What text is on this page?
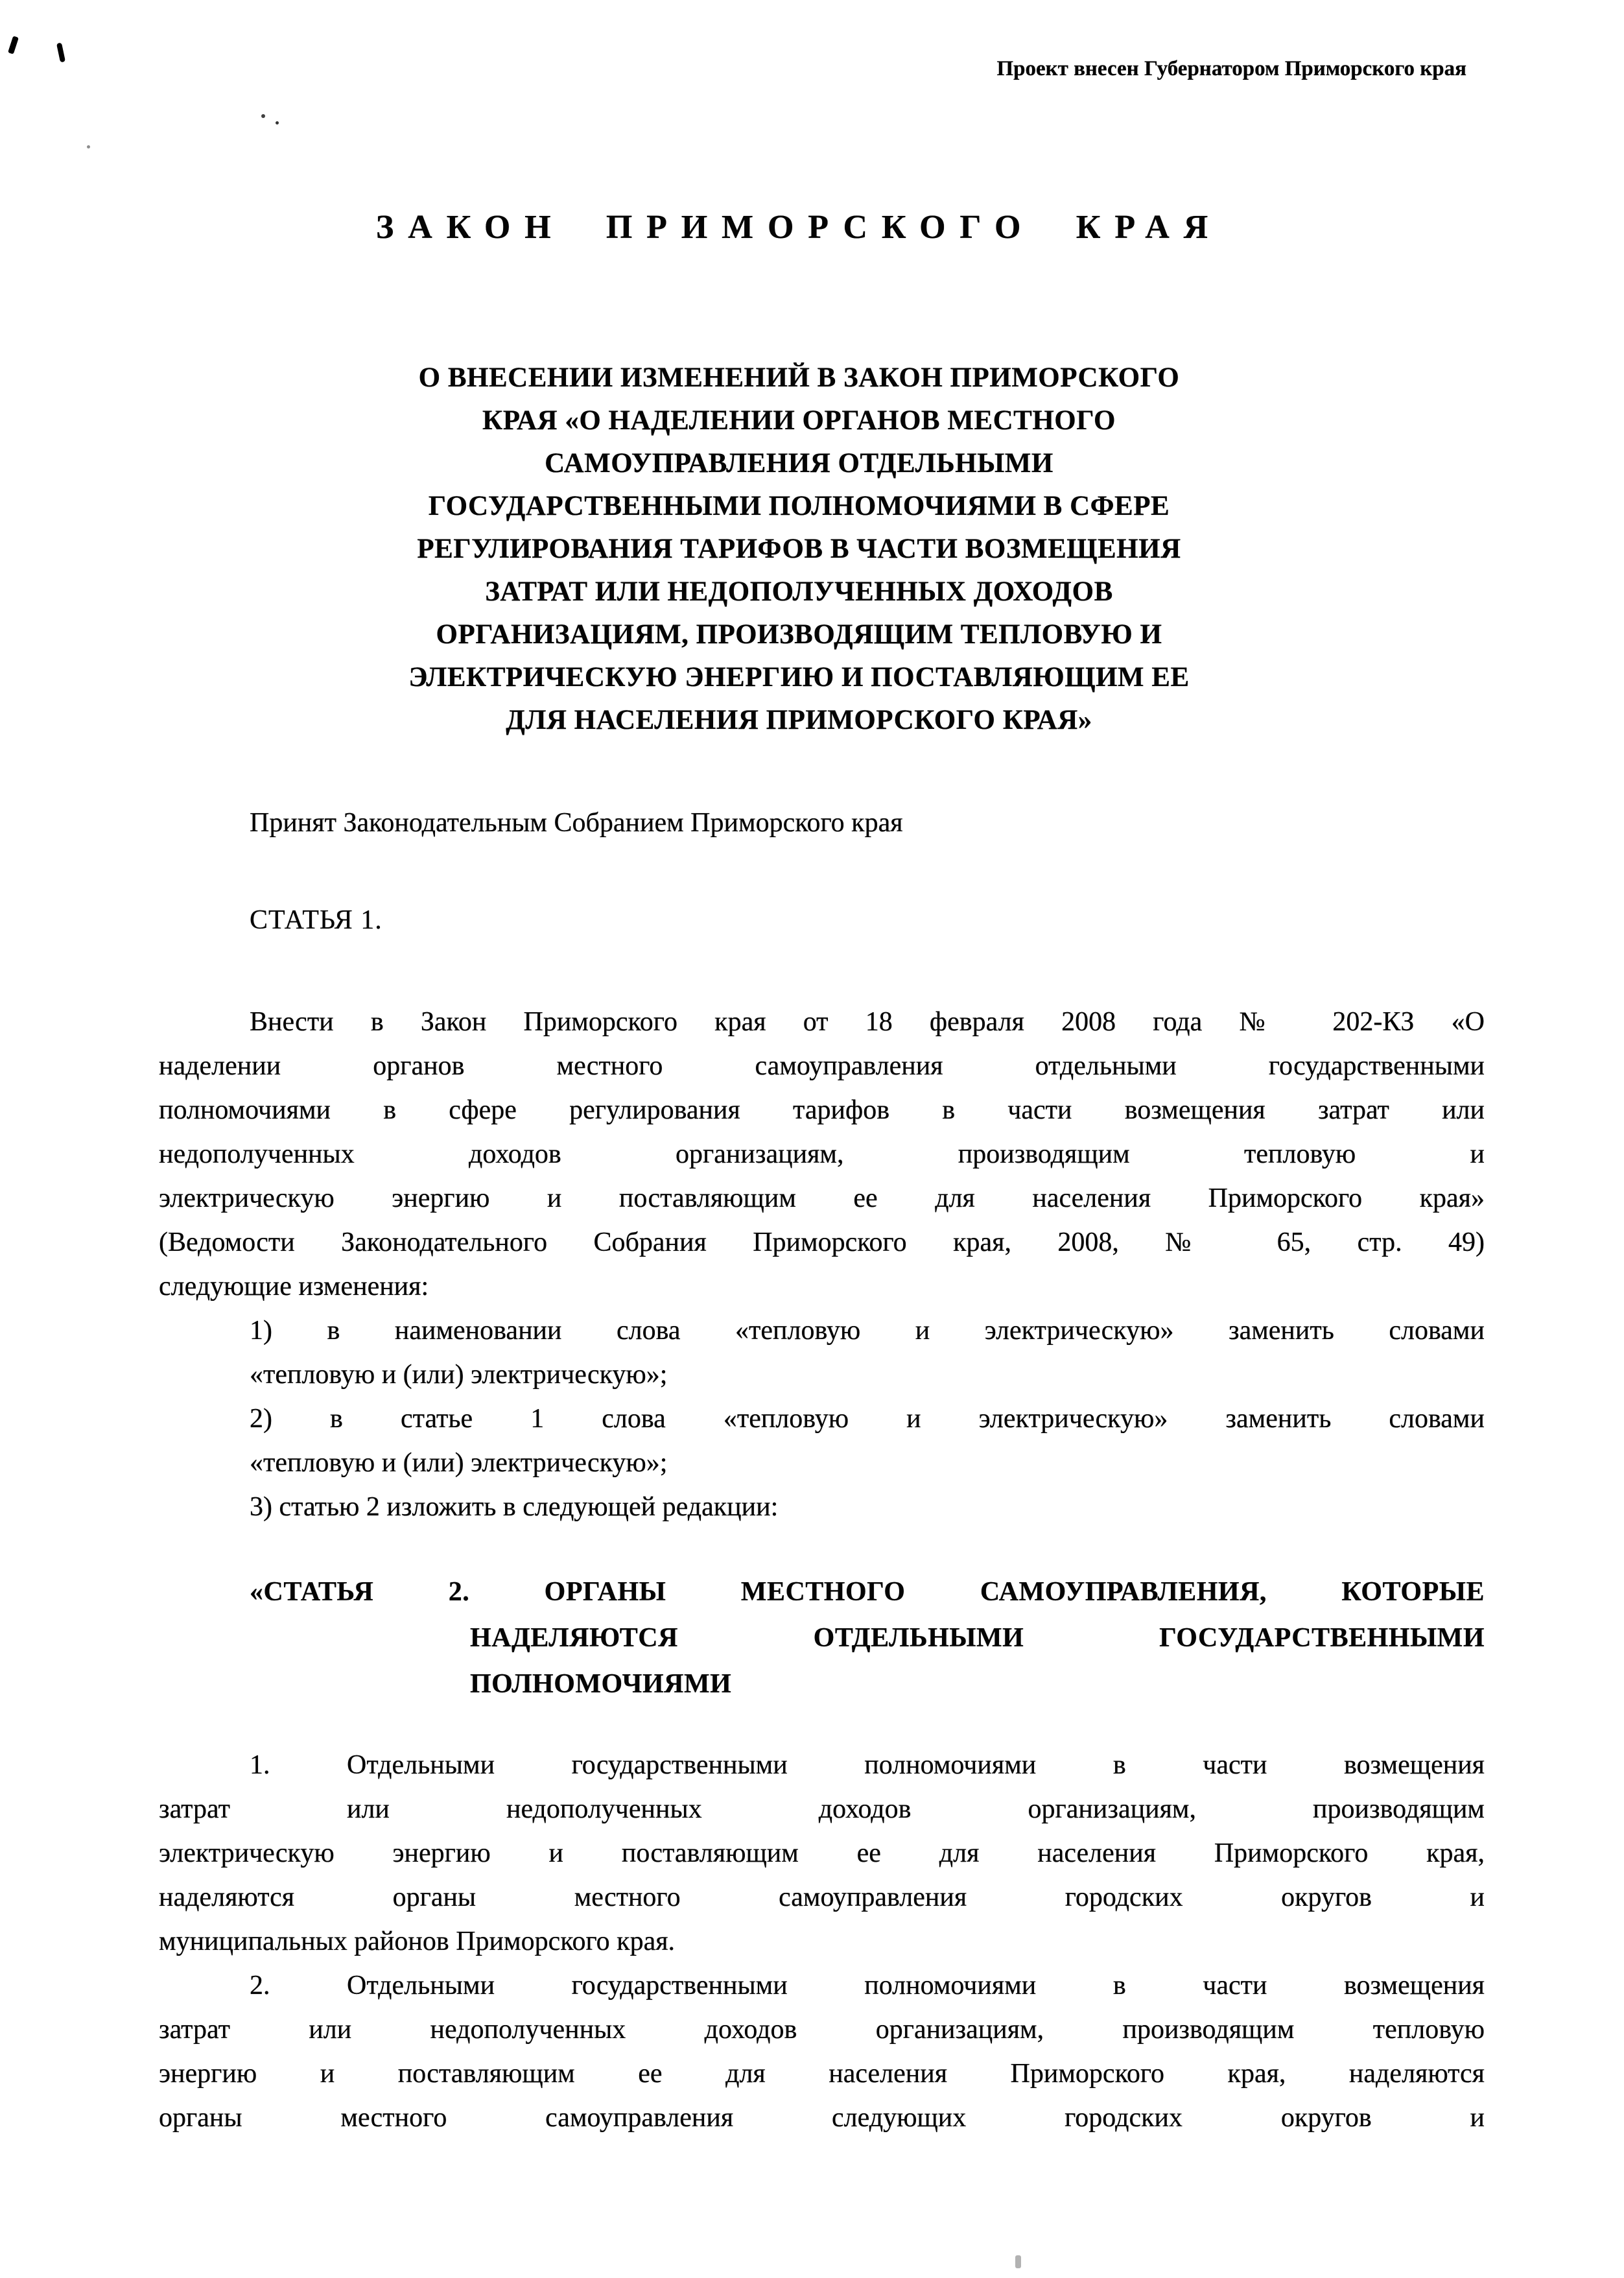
Проект внесен Губернатором Приморского края
ЗАКОН ПРИМОРСКОГО КРАЯ
О ВНЕСЕНИИ ИЗМЕНЕНИЙ В ЗАКОН ПРИМОРСКОГО
КРАЯ «О НАДЕЛЕНИИ ОРГАНОВ МЕСТНОГО
САМОУПРАВЛЕНИЯ ОТДЕЛЬНЫМИ
ГОСУДАРСТВЕННЫМИ ПОЛНОМОЧИЯМИ В СФЕРЕ
РЕГУЛИРОВАНИЯ ТАРИФОВ В ЧАСТИ ВОЗМЕЩЕНИЯ
ЗАТРАТ ИЛИ НЕДОПОЛУЧЕННЫХ ДОХОДОВ
ОРГАНИЗАЦИЯМ, ПРОИЗВОДЯЩИМ ТЕПЛОВУЮ И
ЭЛЕКТРИЧЕСКУЮ ЭНЕРГИЮ И ПОСТАВЛЯЮЩИМ ЕЕ
ДЛЯ НАСЕЛЕНИЯ ПРИМОРСКОГО КРАЯ»
Принят Законодательным Собранием Приморского края
СТАТЬЯ 1.
Внести в Закон Приморского края от 18 февраля 2008 года № 202-КЗ «О
наделении органов местного самоуправления отдельными государственными
полномочиями в сфере регулирования тарифов в части возмещения затрат или
недополученных доходов организациям, производящим тепловую и
электрическую энергию и поставляющим ее для населения Приморского края»
(Ведомости Законодательного Собрания Приморского края, 2008, № 65, стр. 49)
следующие изменения:
1) в наименовании слова «тепловую и электрическую» заменить словами
«тепловую и (или) электрическую»;
2) в статье 1 слова «тепловую и электрическую» заменить словами
«тепловую и (или) электрическую»;
3) статью 2 изложить в следующей редакции:
«СТАТЬЯ 2. ОРГАНЫ МЕСТНОГО САМОУПРАВЛЕНИЯ, КОТОРЫЕ
НАДЕЛЯЮТСЯ ОТДЕЛЬНЫМИ ГОСУДАРСТВЕННЫМИ
ПОЛНОМОЧИЯМИ
1. Отдельными государственными полномочиями в части возмещения
затрат или недополученных доходов организациям, производящим
электрическую энергию и поставляющим ее для населения Приморского края,
наделяются органы местного самоуправления городских округов и
муниципальных районов Приморского края.
2. Отдельными государственными полномочиями в части возмещения
затрат или недополученных доходов организациям, производящим тепловую
энергию и поставляющим ее для населения Приморского края, наделяются
органы местного самоуправления следующих городских округов и
